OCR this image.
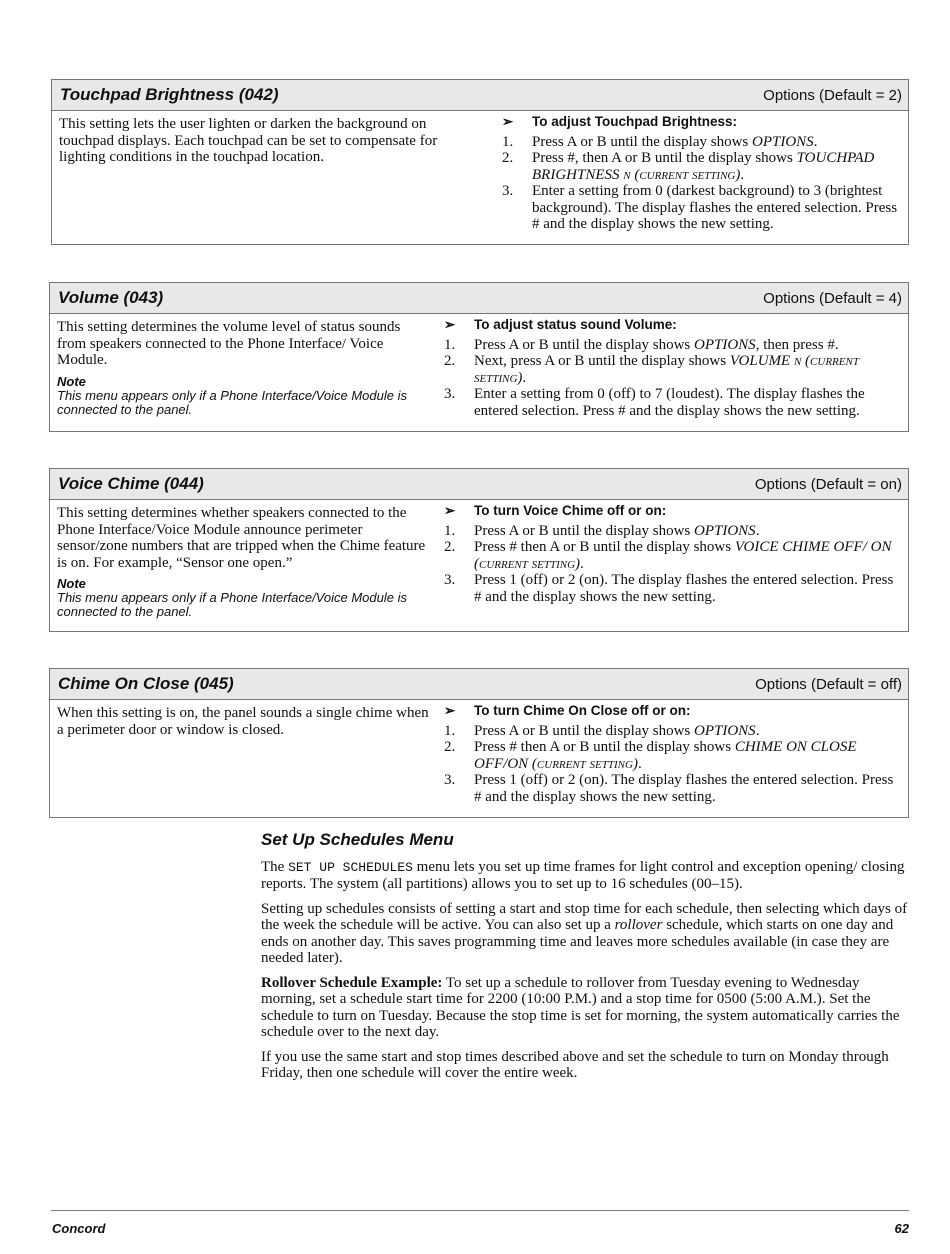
Touchpad Brightness (042)	Options (Default = 2)
This setting lets the user lighten or darken the background on touchpad displays. Each touchpad can be set to compensate for lighting conditions in the touchpad location.
➢	To adjust Touchpad Brightness:
1.	Press A or B until the display shows OPTIONS.
2.	Press #, then A or B until the display shows TOUCHPAD BRIGHTNESS n (current setting).
3.	Enter a setting from 0 (darkest background) to 3 (brightest background). The display flashes the entered selection. Press # and the display shows the new setting.
Volume (043)	Options (Default = 4)
This setting determines the volume level of status sounds from speakers connected to the Phone Interface/ Voice Module.
Note
This menu appears only if a Phone Interface/Voice Module is connected to the panel.
➢	To adjust status sound Volume:
1.	Press A or B until the display shows OPTIONS, then press #.
2.	Next, press A or B until the display shows VOLUME n (current setting).
3.	Enter a setting from 0 (off) to 7 (loudest). The display flashes the entered selection. Press # and the display shows the new setting.
Voice Chime (044)	Options (Default = on)
This setting determines whether speakers connected to the Phone Interface/Voice Module announce perimeter sensor/zone numbers that are tripped when the Chime feature is on. For example, “Sensor one open.”
Note
This menu appears only if a Phone Interface/Voice Module is connected to the panel.
➢	To turn Voice Chime off or on:
1.	Press A or B until the display shows OPTIONS.
2.	Press # then A or B until the display shows VOICE CHIME OFF/ ON (current setting).
3.	Press 1 (off) or 2 (on). The display flashes the entered selection. Press # and the display shows the new setting.
Chime On Close (045)	Options (Default = off)
When this setting is on, the panel sounds a single chime when a perimeter door or window is closed.
➢	To turn Chime On Close off or on:
1.	Press A or B until the display shows OPTIONS.
2.	Press # then A or B until the display shows CHIME ON CLOSE OFF/ON (current setting).
3.	Press 1 (off) or 2 (on). The display flashes the entered selection. Press # and the display shows the new setting.
Set Up Schedules Menu

The SET UP SCHEDULES menu lets you set up time frames for light control and exception opening/ closing reports. The system (all partitions) allows you to set up to 16 schedules (00–15).

Setting up schedules consists of setting a start and stop time for each schedule, then selecting which days of the week the schedule will be active. You can also set up a rollover schedule, which starts on one day and ends on another day. This saves programming time and leaves more schedules available (in case they are needed later).

Rollover Schedule Example: To set up a schedule to rollover from Tuesday evening to Wednesday morning, set a schedule start time for 2200 (10:00 P.M.) and a stop time for 0500 (5:00 A.M.). Set the schedule to turn on Tuesday. Because the stop time is set for morning, the system automatically carries the schedule over to the next day.

If you use the same start and stop times described above and set the schedule to turn on Monday through Friday, then one schedule will cover the entire week.

Concord	62
